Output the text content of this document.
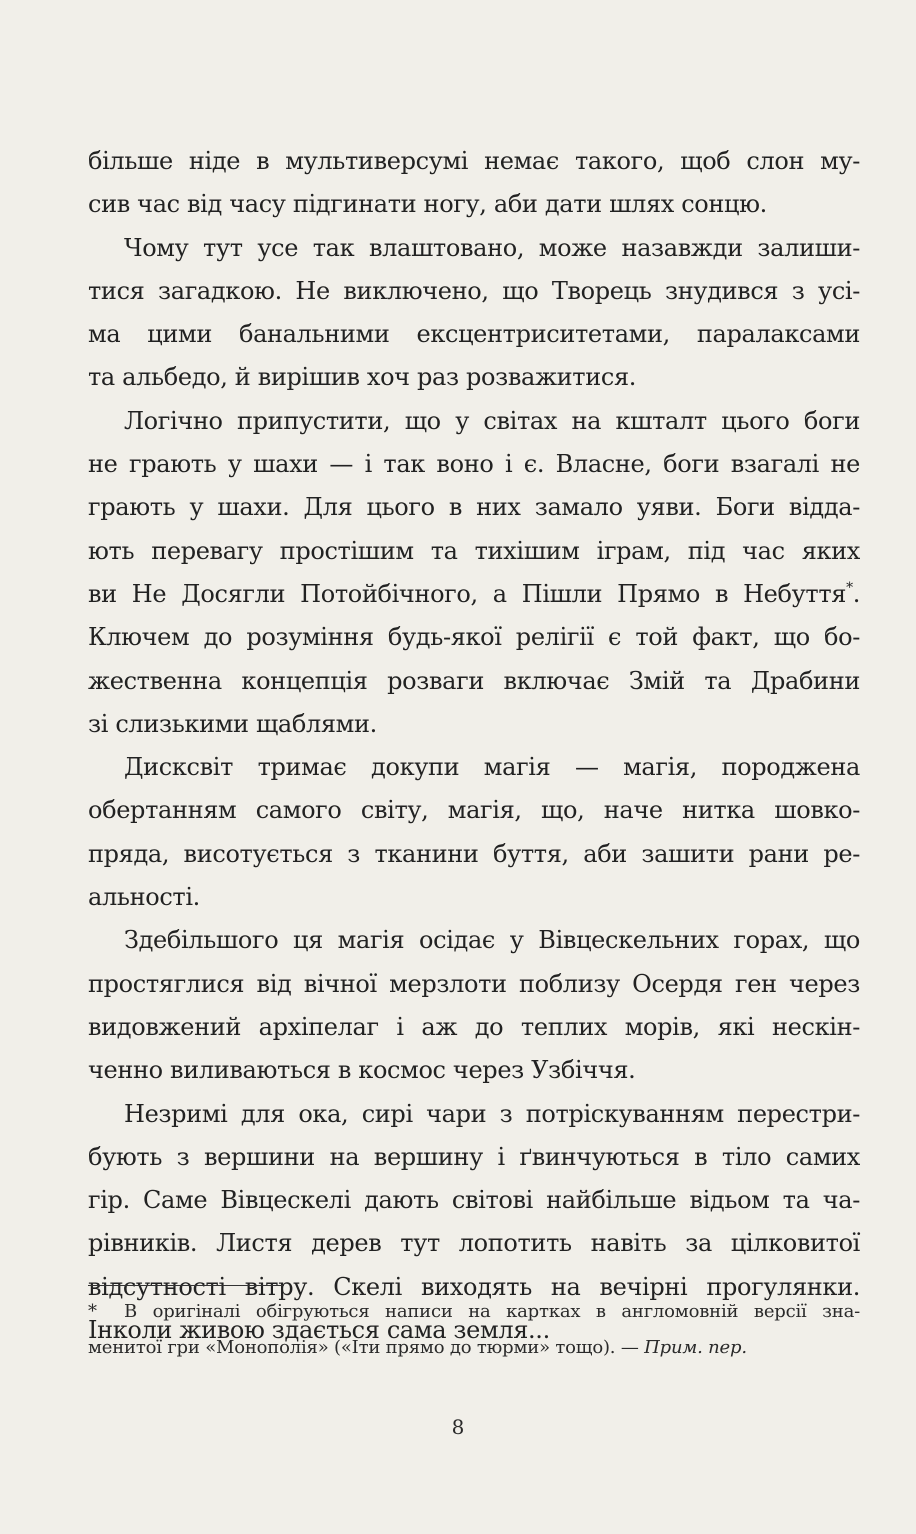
більше ніде в мультиверсумі немає такого, щоб слон му-
сив час від часу підгинати ногу, аби дати шлях сонцю.
Чому тут усе так влаштовано, може назавжди залиши-
тися загадкою. Не виключено, що Творець знудився з усі-
ма цими банальними ексцентриситетами, паралаксами
та альбедо, й вирішив хоч раз розважитися.
Логічно припустити, що у світах на кшталт цього боги
не грають у шахи — і так воно і є. Власне, боги взагалі не
грають у шахи. Для цього в них замало уяви. Боги відда-
ють перевагу простішим та тихішим іграм, під час яких
ви Не Досягли Потойбічного, а Пішли Прямо в Небуття*.
Ключем до розуміння будь-якої релігії є той факт, що бо-
жественна концепція розваги включає Змій та Драбини
зі слизькими щаблями.
Дисксвіт тримає докупи магія — магія, породжена
обертанням самого світу, магія, що, наче нитка шовко-
пряда, висотується з тканини буття, аби зашити рани ре-
альності.
Здебільшого ця магія осідає у Вівцескельних горах, що
простяглися від вічної мерзлоти поблизу Осердя ген через
видовжений архіпелаг і аж до теплих морів, які нескін-
ченно виливаються в космос через Узбіччя.
Незримі для ока, сирі чари з потріскуванням перестри-
бують з вершини на вершину і ґвинчуються в тіло самих
гір. Саме Вівцескелі дають світові найбільше відьом та ча-
рівників. Листя дерев тут лопотить навіть за цілковитої
відсутності вітру. Скелі виходять на вечірні прогулянки.
Інколи живою здається сама земля...
* В оригіналі обігруються написи на картках в англомовній версії зна-
менитої гри «Монополія» («Іти прямо до тюрми» тощо). — Прим. пер.
8
